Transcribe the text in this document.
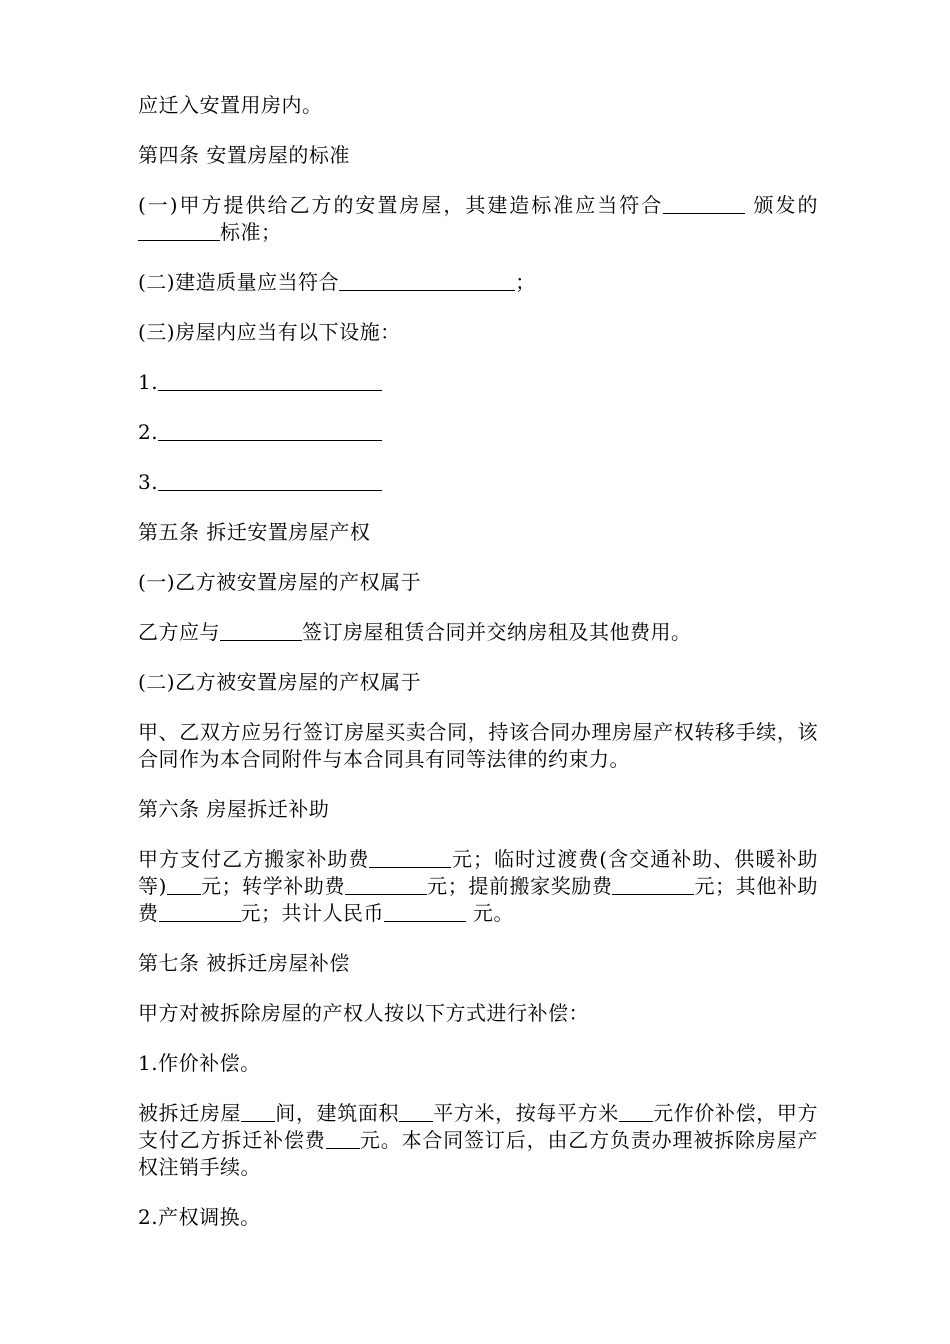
应迁入安置用房内。

第四条 安置房屋的标准

(一)甲方提供给乙方的安置房屋，其建造标准应当符合	颁发的标准；

(二)建造质量应当符合	；

(三)房屋内应当有以下设施：

1.

2.

3.

第五条 拆迁安置房屋产权

(一)乙方被安置房屋的产权属于

乙方应与	签订房屋租赁合同并交纳房租及其他费用。

(二)乙方被安置房屋的产权属于

甲、乙双方应另行签订房屋买卖合同，持该合同办理房屋产权转移手续，该合同作为本合同附件与本合同具有同等法律的约束力。

第六条 房屋拆迁补助

甲方支付乙方搬家补助费	元；临时过渡费(含交通补助、供暖补助等) 元；转学补助费	元；提前搬家奖励费	元；其他补助费	元；共计人民币	元。

第七条 被拆迁房屋补偿

甲方对被拆除房屋的产权人按以下方式进行补偿：

1.作价补偿。

被拆迁房屋 间，建筑面积 平方米，按每平方米 元作价补偿，甲方支付乙方拆迁补偿费 元。本合同签订后，由乙方负责办理被拆除房屋产权注销手续。

2.产权调换。
